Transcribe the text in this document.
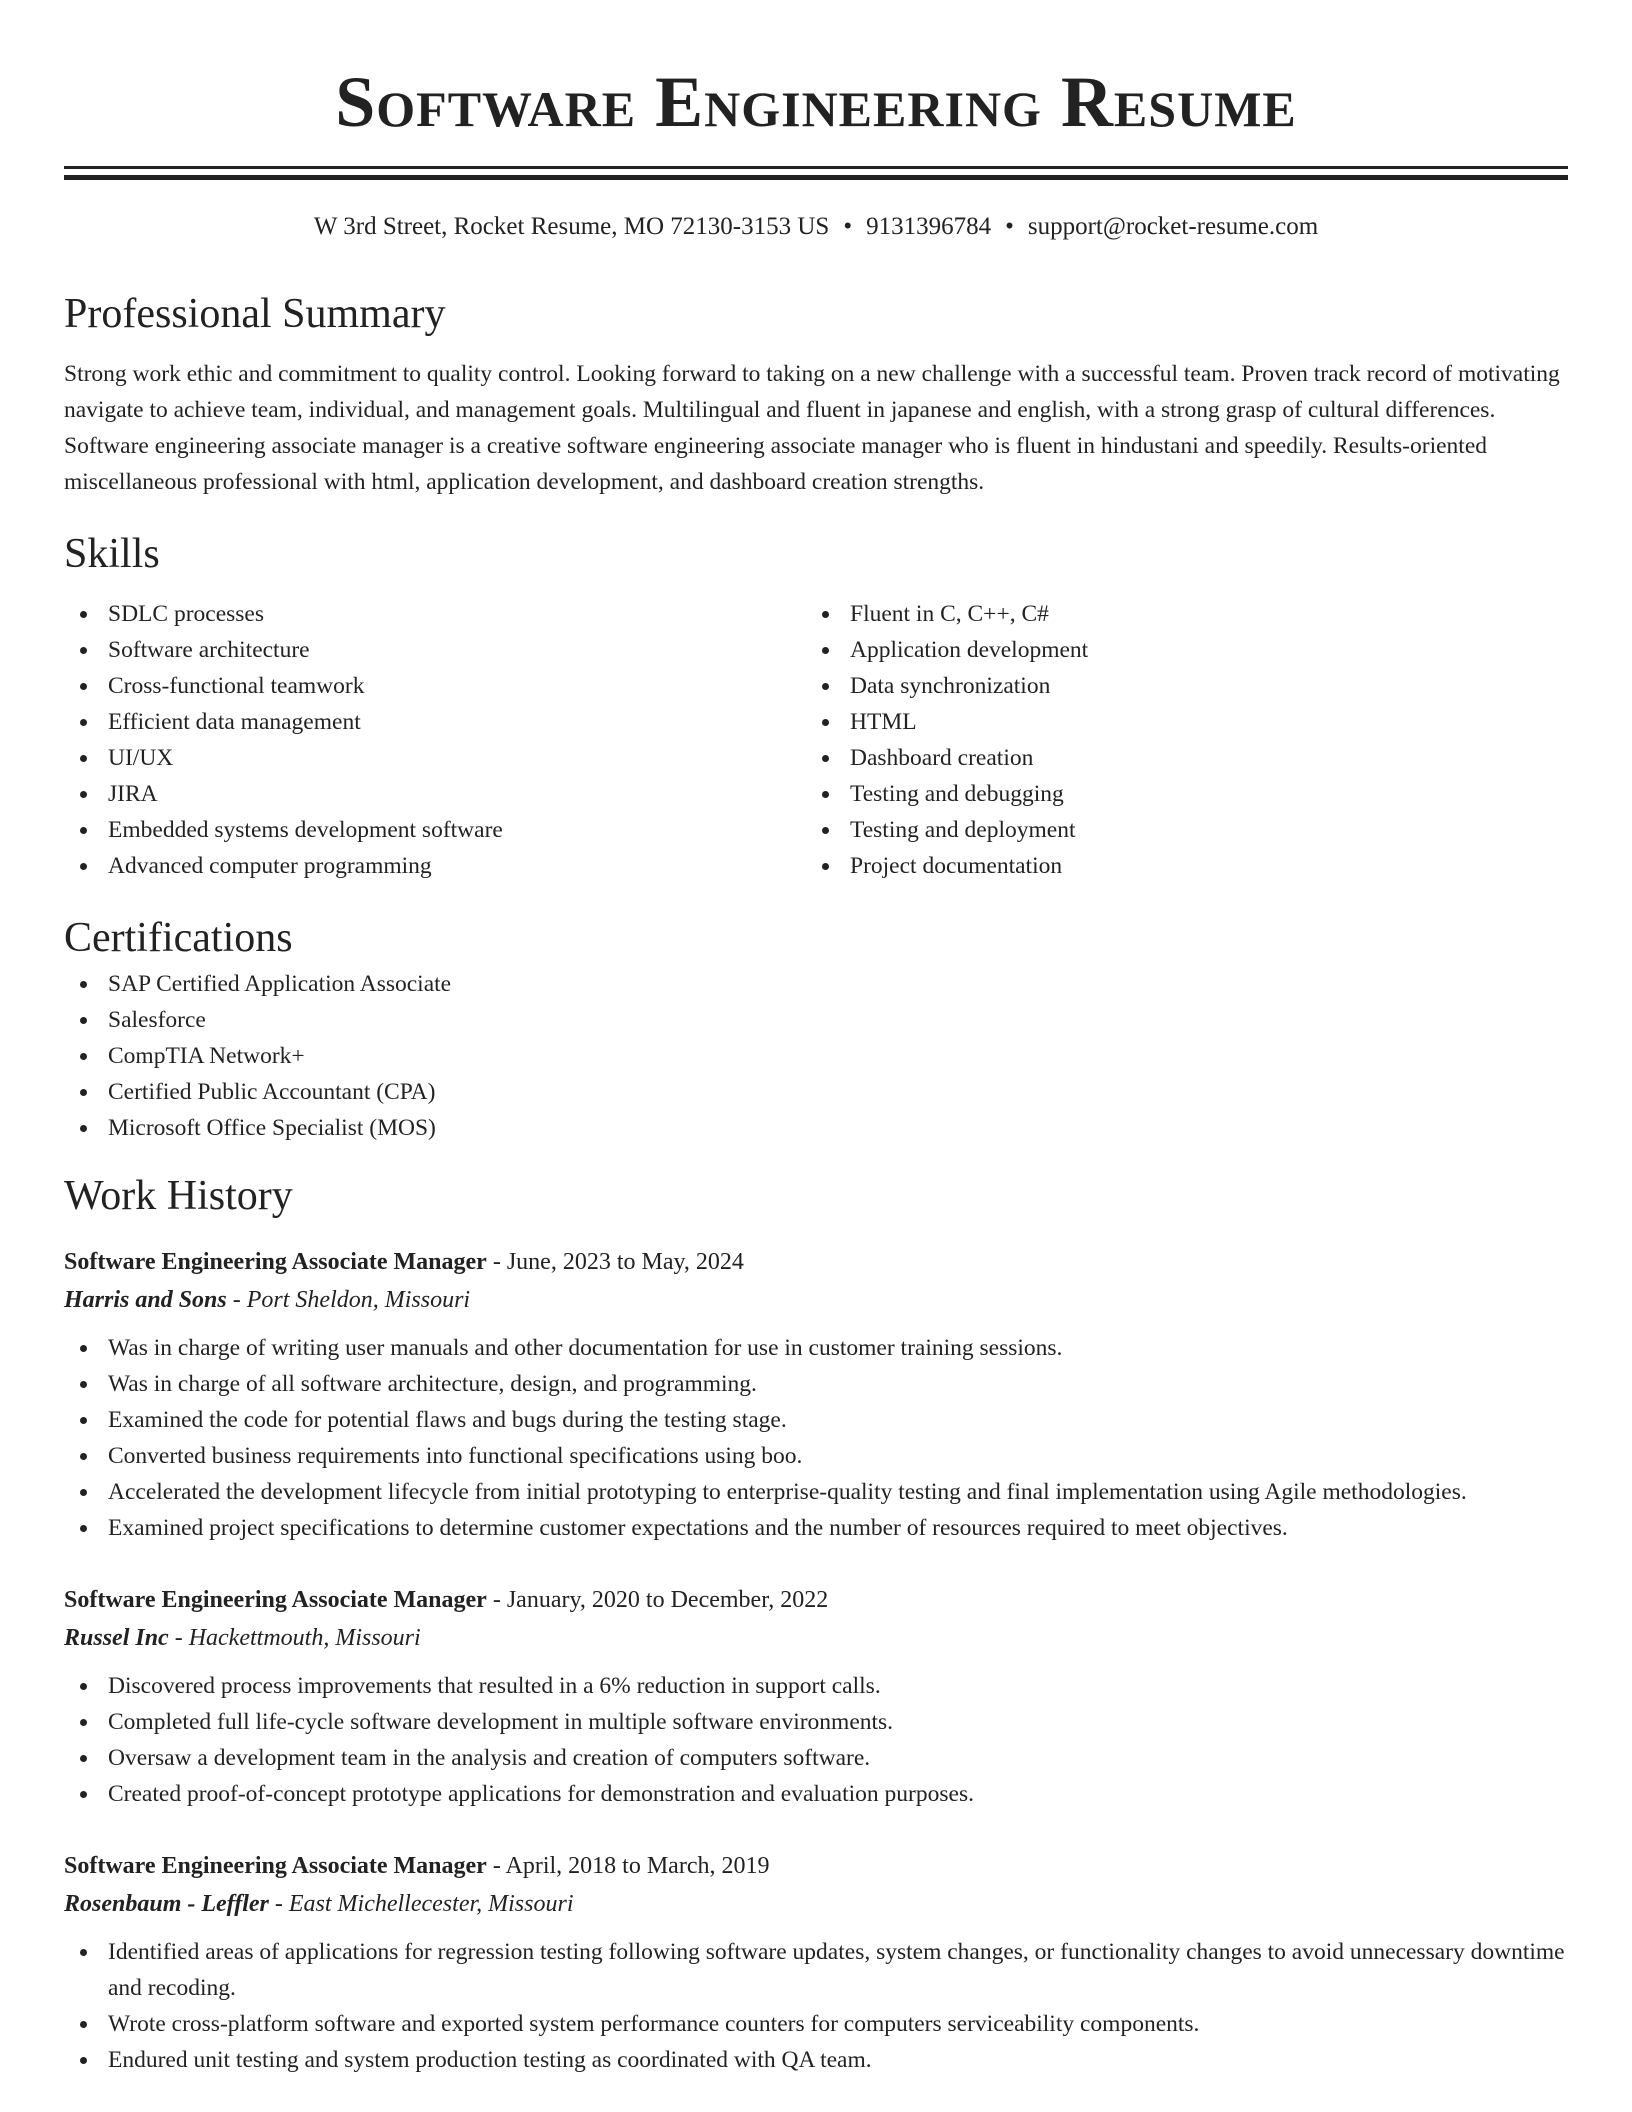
Software Engineering Resume
W 3rd Street, Rocket Resume, MO 72130-3153 US • 9131396784 • support@rocket-resume.com
Professional Summary
Strong work ethic and commitment to quality control. Looking forward to taking on a new challenge with a successful team. Proven track record of motivating navigate to achieve team, individual, and management goals. Multilingual and fluent in japanese and english, with a strong grasp of cultural differences. Software engineering associate manager is a creative software engineering associate manager who is fluent in hindustani and speedily. Results-oriented miscellaneous professional with html, application development, and dashboard creation strengths.
Skills
SDLC processes
Software architecture
Cross-functional teamwork
Efficient data management
UI/UX
JIRA
Embedded systems development software
Advanced computer programming
Fluent in C, C++, C#
Application development
Data synchronization
HTML
Dashboard creation
Testing and debugging
Testing and deployment
Project documentation
Certifications
SAP Certified Application Associate
Salesforce
CompTIA Network+
Certified Public Accountant (CPA)
Microsoft Office Specialist (MOS)
Work History
Software Engineering Associate Manager - June, 2023 to May, 2024
Harris and Sons - Port Sheldon, Missouri
Was in charge of writing user manuals and other documentation for use in customer training sessions.
Was in charge of all software architecture, design, and programming.
Examined the code for potential flaws and bugs during the testing stage.
Converted business requirements into functional specifications using boo.
Accelerated the development lifecycle from initial prototyping to enterprise-quality testing and final implementation using Agile methodologies.
Examined project specifications to determine customer expectations and the number of resources required to meet objectives.
Software Engineering Associate Manager - January, 2020 to December, 2022
Russel Inc - Hackettmouth, Missouri
Discovered process improvements that resulted in a 6% reduction in support calls.
Completed full life-cycle software development in multiple software environments.
Oversaw a development team in the analysis and creation of computers software.
Created proof-of-concept prototype applications for demonstration and evaluation purposes.
Software Engineering Associate Manager - April, 2018 to March, 2019
Rosenbaum - Leffler - East Michellecester, Missouri
Identified areas of applications for regression testing following software updates, system changes, or functionality changes to avoid unnecessary downtime and recoding.
Wrote cross-platform software and exported system performance counters for computers serviceability components.
Endured unit testing and system production testing as coordinated with QA team.
